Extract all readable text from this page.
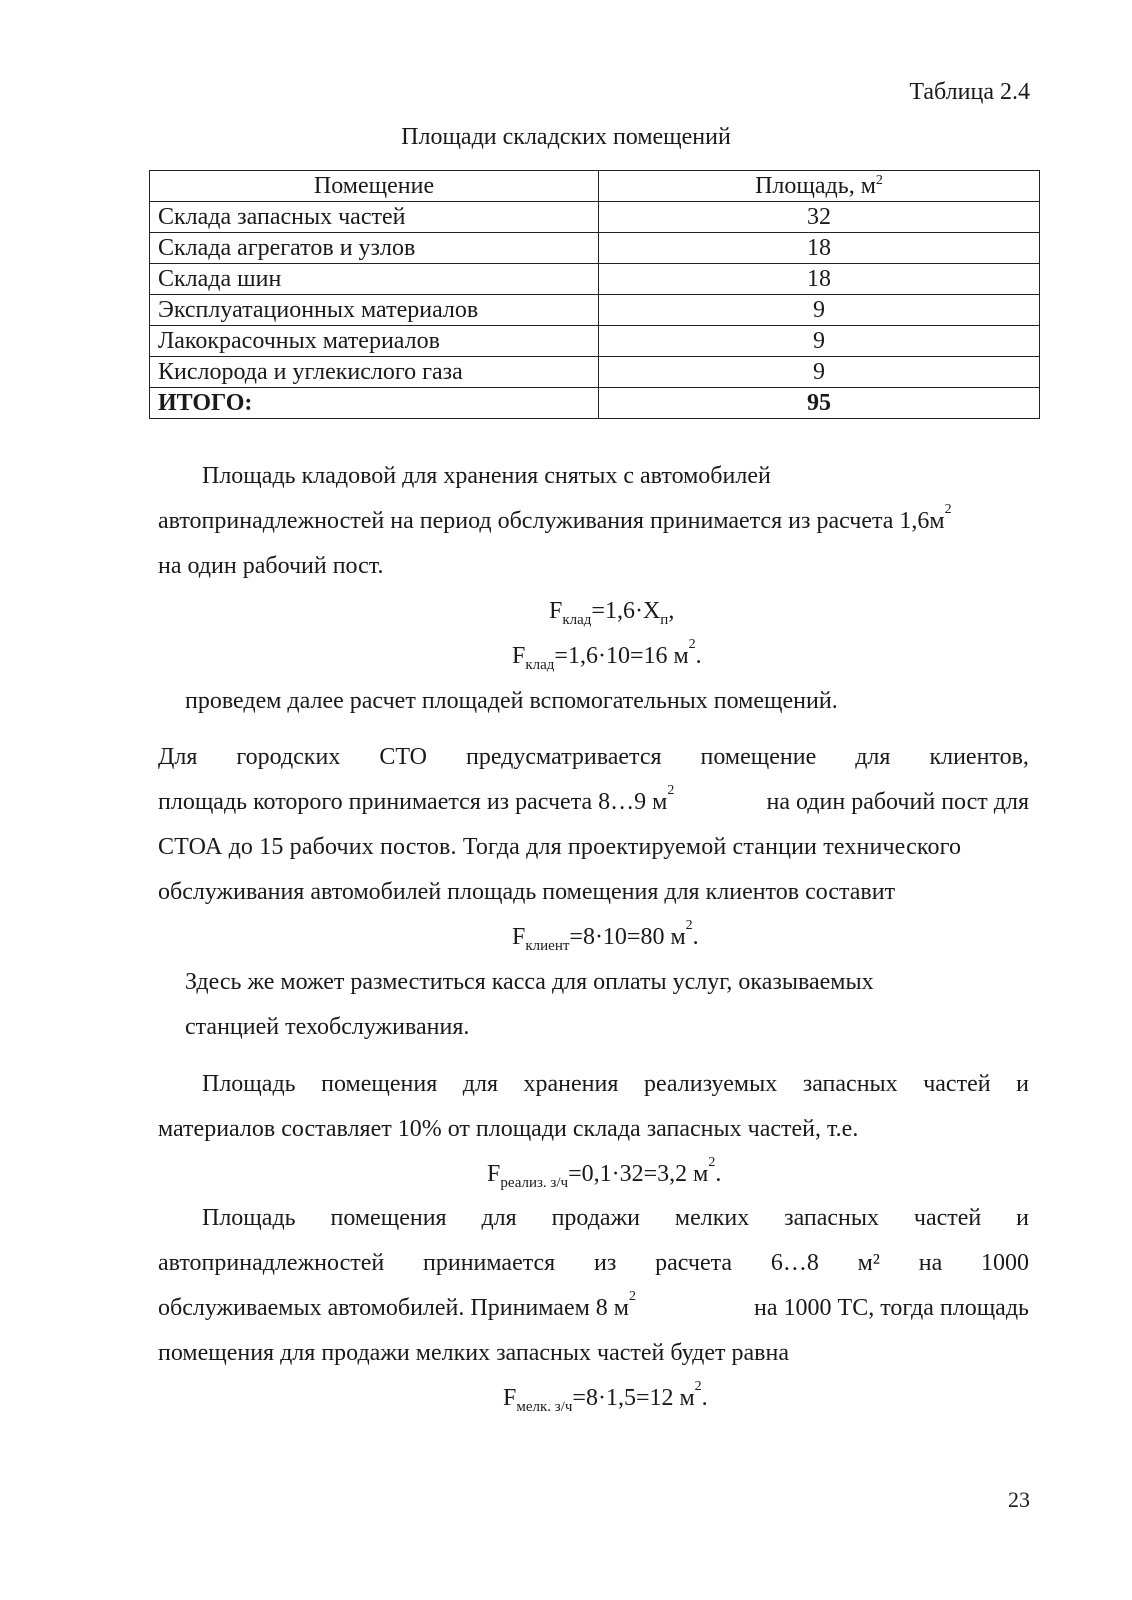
Таблица 2.4
Площади складских помещений
Помещение	Площадь, $м^2$
Склада запасных частей	32
Склада агрегатов и узлов	18
Склада шин	18
Эксплуатационных материалов	9
Лакокрасочных материалов	9
Кислорода и углекислого газа	9
ИТОГО:	95
Площадь кладовой для хранения снятых с автомобилей
автопринадлежностей на период обслуживания принимается из расчета $1,6м^2$
на один рабочий пост.
$F_{клад}=1,6\cdot X_п$,
$F_{клад}=1,6\cdot 10=16$ $м^2$.
проведем далее расчет площадей вспомогательных помещений.
Для городских СТО предусматривается помещение для клиентов,
площадь которого принимается из расчета 8…9 $м^2$	на один рабочий пост для
СТОА до 15 рабочих постов. Тогда для проектируемой станции технического
обслуживания автомобилей площадь помещения для клиентов составит
$F_{клиент}=8\cdot 10=80$ $м^2$.
Здесь же может разместиться касса для оплаты услуг, оказываемых
станцией техобслуживания.
Площадь помещения для хранения реализуемых запасных частей и
материалов составляет 10% от площади склада запасных частей, т.е.
$F_{реализ. з/ч}=0,1\cdot 32=3,2$ $м^2$.
Площадь помещения для продажи мелких запасных частей и
автопринадлежностей принимается из расчета 6…8 м² на 1000
обслуживаемых автомобилей. Принимаем 8 $м^2$	на 1000 ТС, тогда площадь
помещения для продажи мелких запасных частей будет равна
$F_{мелк. з/ч}=8\cdot 1,5=12$ $м^2$.
23
